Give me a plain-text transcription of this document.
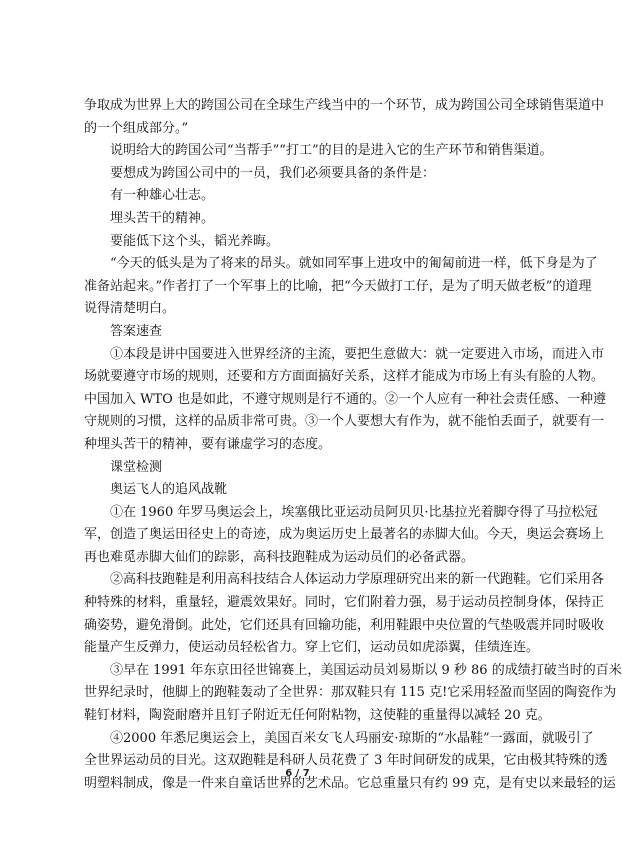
争取成为世界上大的跨国公司在全球生产线当中的一个环节，成为跨国公司全球销售渠道中
的一个组成部分。”
说明给大的跨国公司“当帮手”“打工”的目的是进入它的生产环节和销售渠道。
要想成为跨国公司中的一员，我们必须要具备的条件是：
有一种雄心壮志。
埋头苦干的精神。
要能低下这个头，韬光养晦。
“今天的低头是为了将来的昂头。就如同军事上进攻中的匍匐前进一样，低下身是为了
准备站起来。”作者打了一个军事上的比喻，把“今天做打工仔，是为了明天做老板”的道理
说得清楚明白。
答案速查
①本段是讲中国要进入世界经济的主流，要把生意做大：就一定要进入市场，而进入市
场就要遵守市场的规则，还要和方方面面搞好关系，这样才能成为市场上有头有脸的人物。
中国加入 WTO 也是如此，不遵守规则是行不通的。②一个人应有一种社会责任感、一种遵
守规则的习惯，这样的品质非常可贵。③一个人要想大有作为，就不能怕丢面子，就要有一
种埋头苦干的精神，要有谦虚学习的态度。
课堂检测
奥运飞人的追风战靴
①在 1960 年罗马奥运会上，埃塞俄比亚运动员阿贝贝·比基拉光着脚夺得了马拉松冠
军，创造了奥运田径史上的奇迹，成为奥运历史上最著名的赤脚大仙。今天，奥运会赛场上
再也难觅赤脚大仙们的踪影，高科技跑鞋成为运动员们的必备武器。
②高科技跑鞋是利用高科技结合人体运动力学原理研究出来的新一代跑鞋。它们采用各
种特殊的材料，重量轻，避震效果好。同时，它们附着力强，易于运动员控制身体，保持正
确姿势，避免滑倒。此处，它们还具有回输功能，利用鞋跟中央位置的气垫吸震并同时吸收
能量产生反弹力，使运动员轻松省力。穿上它们，运动员如虎添翼，佳绩连连。
③早在 1991 年东京田径世锦赛上，美国运动员刘易斯以 9 秒 86 的成绩打破当时的百米
世界纪录时，他脚上的跑鞋轰动了全世界：那双鞋只有 115 克!它采用轻盈而坚固的陶瓷作为
鞋钉材料，陶瓷耐磨并且钉子附近无任何附粘物，这使鞋的重量得以减轻 20 克。
④2000 年悉尼奥运会上，美国百米女飞人玛丽安·琼斯的“水晶鞋”一露面，就吸引了
全世界运动员的目光。这双跑鞋是科研人员花费了 3 年时间研发的成果，它由极其特殊的透
明塑料制成，像是一件来自童话世界的艺术品。它总重量只有约 99 克，是有史以来最轻的运
6 / 7
